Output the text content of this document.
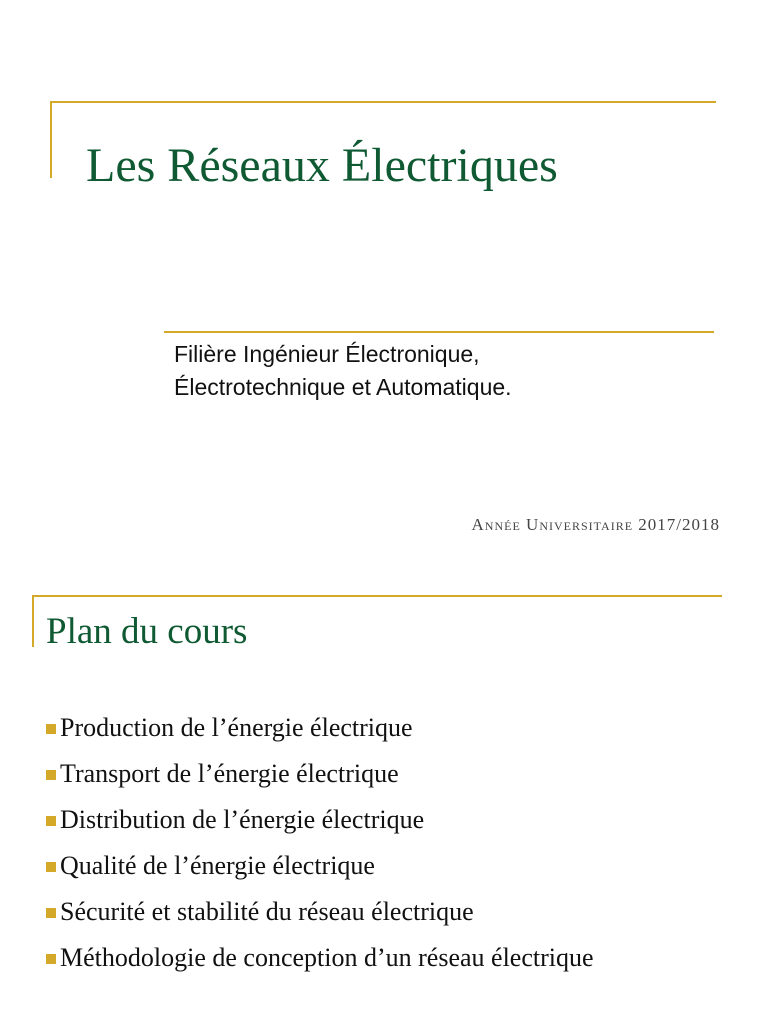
Les Réseaux Électriques
Filière Ingénieur Électronique,
Électrotechnique et Automatique.
Année Universitaire 2017/2018
Plan du cours
Production de l’énergie électrique
Transport de l’énergie électrique
Distribution de l’énergie électrique
Qualité de l’énergie électrique
Sécurité et stabilité du réseau électrique
Méthodologie de conception d’un réseau électrique
